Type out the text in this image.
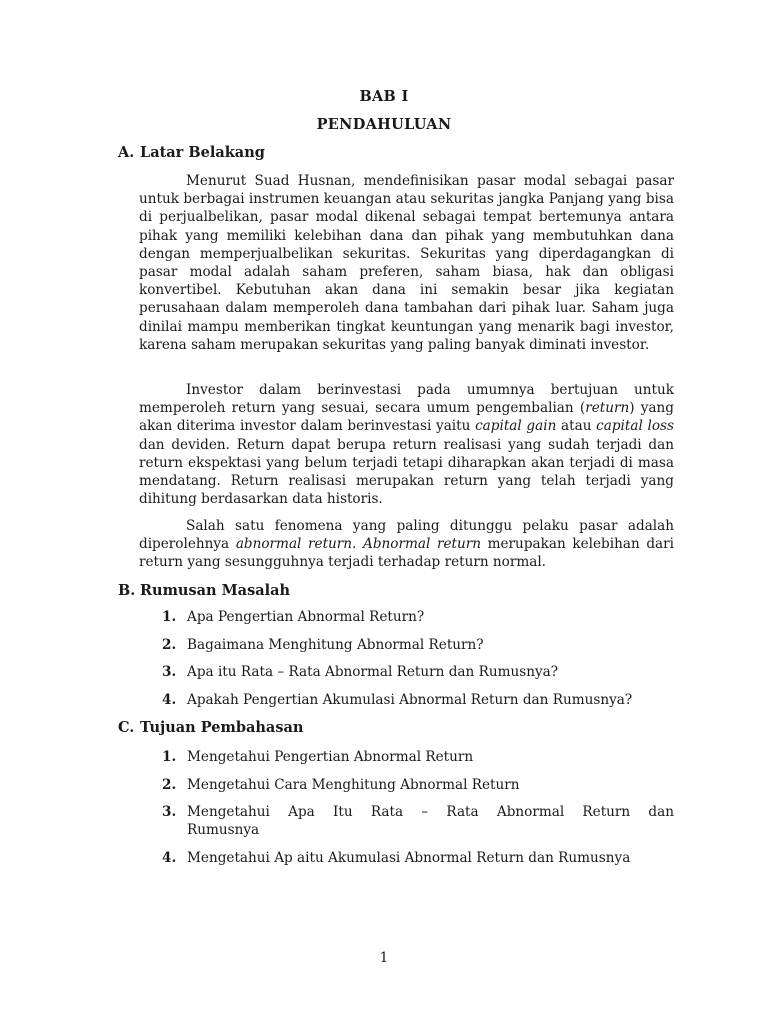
BAB I
PENDAHULUAN
A. Latar Belakang

Menurut Suad Husnan, mendefinisikan pasar modal sebagai pasar untuk berbagai instrumen keuangan atau sekuritas jangka Panjang yang bisa di perjualbelikan, pasar modal dikenal sebagai tempat bertemunya antara pihak yang memiliki kelebihan dana dan pihak yang membutuhkan dana dengan memperjualbelikan sekuritas. Sekuritas yang diperdagangkan di pasar modal adalah saham preferen, saham biasa, hak dan obligasi konvertibel. Kebutuhan akan dana ini semakin besar jika kegiatan perusahaan dalam memperoleh dana tambahan dari pihak luar. Saham juga dinilai mampu memberikan tingkat keuntungan yang menarik bagi investor, karena saham merupakan sekuritas yang paling banyak diminati investor.

Investor dalam berinvestasi pada umumnya bertujuan untuk memperoleh return yang sesuai, secara umum pengembalian (return) yang akan diterima investor dalam berinvestasi yaitu capital gain atau capital loss dan deviden. Return dapat berupa return realisasi yang sudah terjadi dan return ekspektasi yang belum terjadi tetapi diharapkan akan terjadi di masa mendatang. Return realisasi merupakan return yang telah terjadi yang dihitung berdasarkan data historis.

Salah satu fenomena yang paling ditunggu pelaku pasar adalah diperolehnya abnormal return. Abnormal return merupakan kelebihan dari return yang sesungguhnya terjadi terhadap return normal.

B. Rumusan Masalah
1. Apa Pengertian Abnormal Return?
2. Bagaimana Menghitung Abnormal Return?
3. Apa itu Rata – Rata Abnormal Return dan Rumusnya?
4. Apakah Pengertian Akumulasi Abnormal Return dan Rumusnya?
C. Tujuan Pembahasan
1. Mengetahui Pengertian Abnormal Return
2. Mengetahui Cara Menghitung Abnormal Return
3. Mengetahui Apa Itu Rata – Rata Abnormal Return dan
Rumusnya
4. Mengetahui Ap aitu Akumulasi Abnormal Return dan Rumusnya
1
